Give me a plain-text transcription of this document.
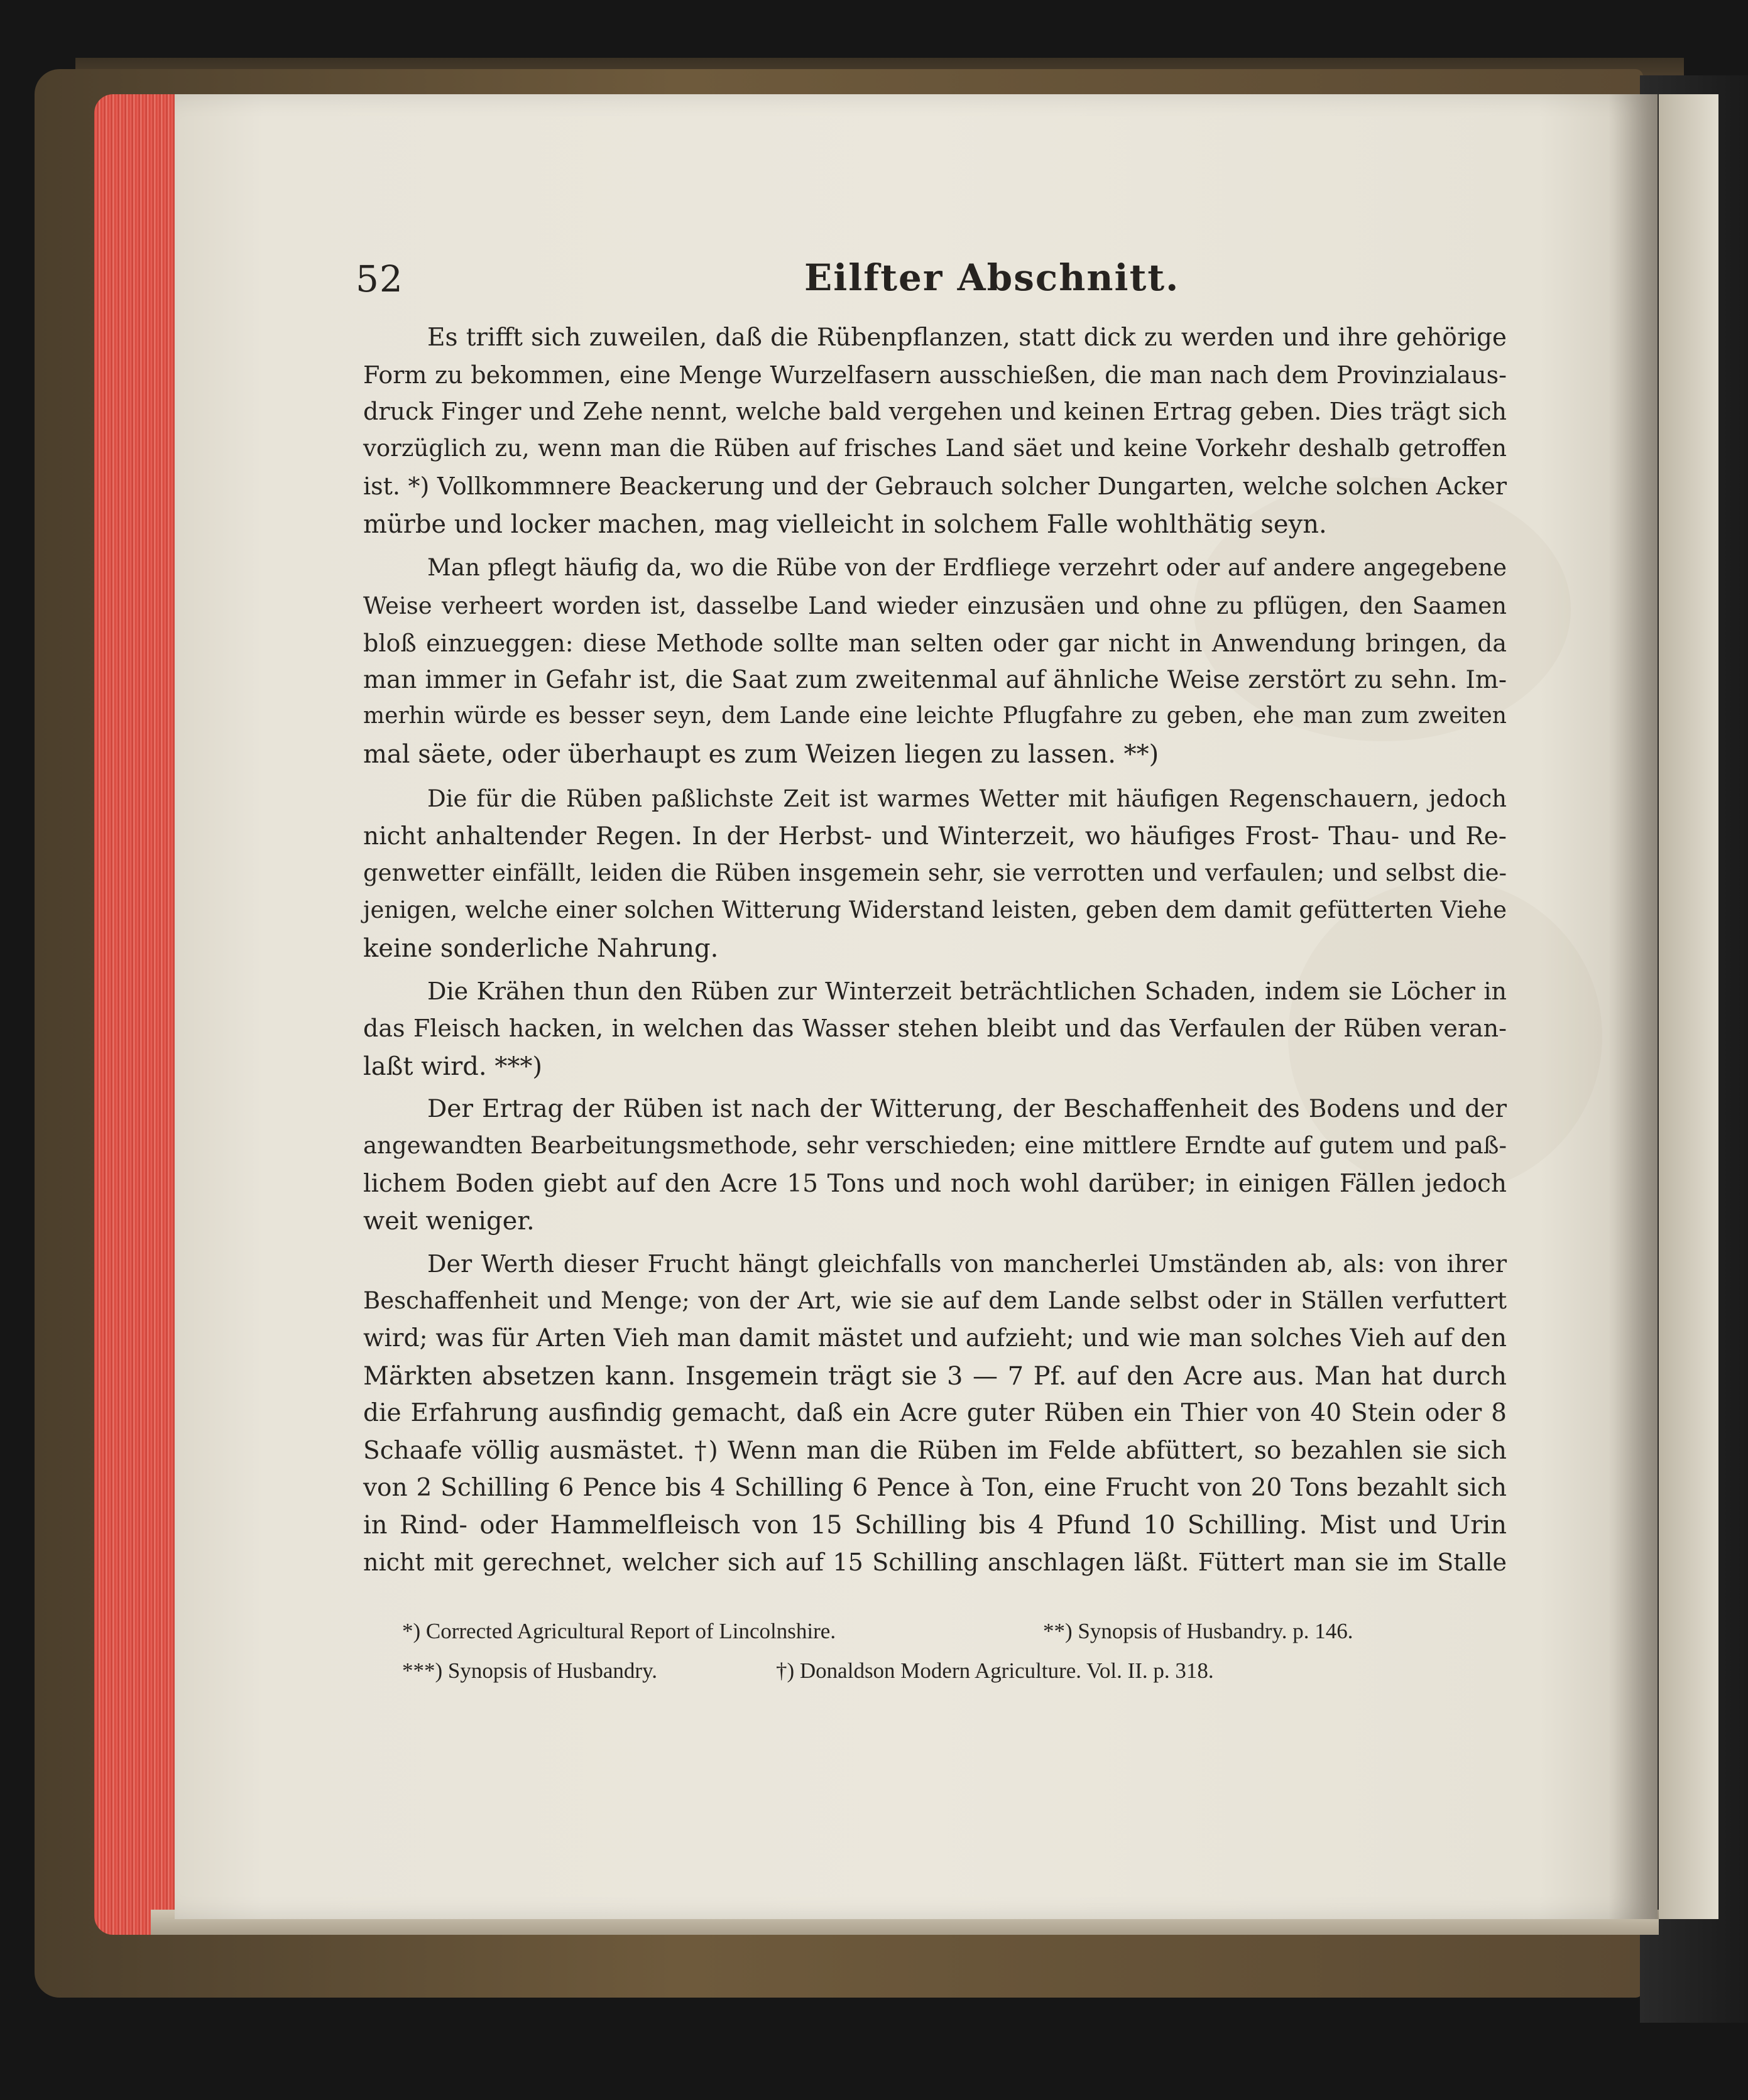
52	Eilfter Abschnitt.
Es trifft sich zuweilen, daß die Rübenpflanzen, statt dick zu werden und ihre gehörige
Form zu bekommen, eine Menge Wurzelfasern ausschießen, die man nach dem Provinzialaus-
druck Finger und Zehe nennt, welche bald vergehen und keinen Ertrag geben. Dies trägt sich
vorzüglich zu, wenn man die Rüben auf frisches Land säet und keine Vorkehr deshalb getroffen
ist. *) Vollkommnere Beackerung und der Gebrauch solcher Dungarten, welche solchen Acker
mürbe und locker machen, mag vielleicht in solchem Falle wohlthätig seyn.
Man pflegt häufig da, wo die Rübe von der Erdfliege verzehrt oder auf andere angegebene
Weise verheert worden ist, dasselbe Land wieder einzusäen und ohne zu pflügen, den Saamen
bloß einzueggen: diese Methode sollte man selten oder gar nicht in Anwendung bringen, da
man immer in Gefahr ist, die Saat zum zweitenmal auf ähnliche Weise zerstört zu sehn. Im-
merhin würde es besser seyn, dem Lande eine leichte Pflugfahre zu geben, ehe man zum zweiten
mal säete, oder überhaupt es zum Weizen liegen zu lassen. **)
Die für die Rüben paßlichste Zeit ist warmes Wetter mit häufigen Regenschauern, jedoch
nicht anhaltender Regen. In der Herbst- und Winterzeit, wo häufiges Frost- Thau- und Re-
genwetter einfällt, leiden die Rüben insgemein sehr, sie verrotten und verfaulen; und selbst die-
jenigen, welche einer solchen Witterung Widerstand leisten, geben dem damit gefütterten Viehe
keine sonderliche Nahrung.
Die Krähen thun den Rüben zur Winterzeit beträchtlichen Schaden, indem sie Löcher in
das Fleisch hacken, in welchen das Wasser stehen bleibt und das Verfaulen der Rüben veran-
laßt wird. ***)
Der Ertrag der Rüben ist nach der Witterung, der Beschaffenheit des Bodens und der
angewandten Bearbeitungsmethode, sehr verschieden; eine mittlere Erndte auf gutem und paß-
lichem Boden giebt auf den Acre 15 Tons und noch wohl darüber; in einigen Fällen jedoch
weit weniger.
Der Werth dieser Frucht hängt gleichfalls von mancherlei Umständen ab, als: von ihrer
Beschaffenheit und Menge; von der Art, wie sie auf dem Lande selbst oder in Ställen verfuttert
wird; was für Arten Vieh man damit mästet und aufzieht; und wie man solches Vieh auf den
Märkten absetzen kann. Insgemein trägt sie 3 — 7 Pf. auf den Acre aus. Man hat durch
die Erfahrung ausfindig gemacht, daß ein Acre guter Rüben ein Thier von 40 Stein oder 8
Schaafe völlig ausmästet. †) Wenn man die Rüben im Felde abfüttert, so bezahlen sie sich
von 2 Schilling 6 Pence bis 4 Schilling 6 Pence à Ton, eine Frucht von 20 Tons bezahlt sich
in Rind- oder Hammelfleisch von 15 Schilling bis 4 Pfund 10 Schilling. Mist und Urin
nicht mit gerechnet, welcher sich auf 15 Schilling anschlagen läßt. Füttert man sie im Stalle
*) Corrected Agricultural Report of Lincolnshire.	**) Synopsis of Husbandry. p. 146.
***) Synopsis of Husbandry.	†) Donaldson Modern Agriculture. Vol. II. p. 318.
